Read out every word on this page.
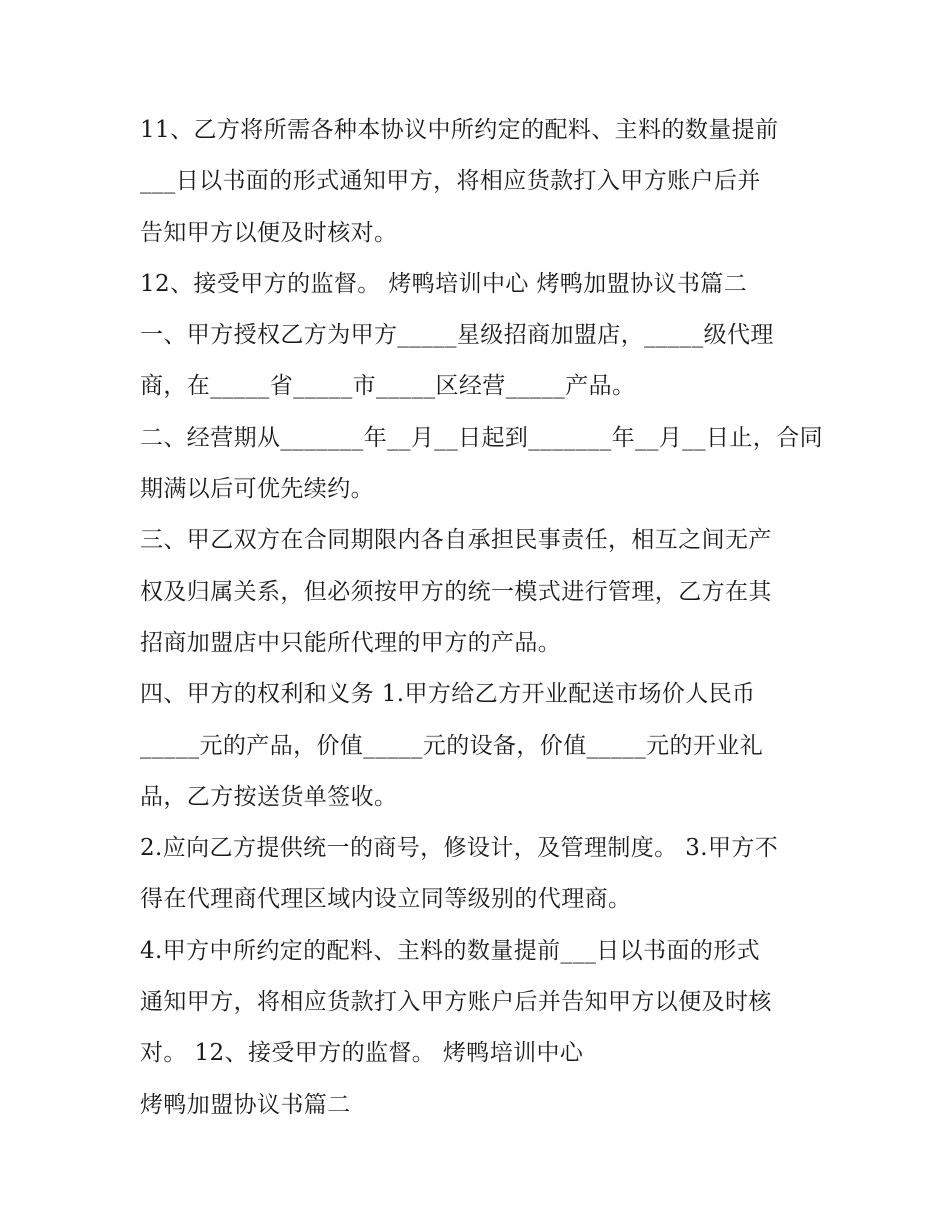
11、乙方将所需各种本协议中所约定的配料、主料的数量提前
___日以书面的形式通知甲方，将相应货款打入甲方账户后并
告知甲方以便及时核对。
12、接受甲方的监督。 烤鸭培训中心 烤鸭加盟协议书篇二
一、甲方授权乙方为甲方_____星级招商加盟店，_____级代理
商，在_____省_____市_____区经营_____产品。
二、经营期从_______年__月__日起到_______年__月__日止，合同
期满以后可优先续约。
三、甲乙双方在合同期限内各自承担民事责任，相互之间无产
权及归属关系，但必须按甲方的统一模式进行管理，乙方在其
招商加盟店中只能所代理的甲方的产品。
四、甲方的权利和义务 1.甲方给乙方开业配送市场价人民币
_____元的产品，价值_____元的设备，价值_____元的开业礼
品，乙方按送货单签收。
2.应向乙方提供统一的商号，修设计，及管理制度。 3.甲方不
得在代理商代理区域内设立同等级别的代理商。
4.甲方中所约定的配料、主料的数量提前___日以书面的形式
通知甲方，将相应货款打入甲方账户后并告知甲方以便及时核
对。 12、接受甲方的监督。 烤鸭培训中心
烤鸭加盟协议书篇二
